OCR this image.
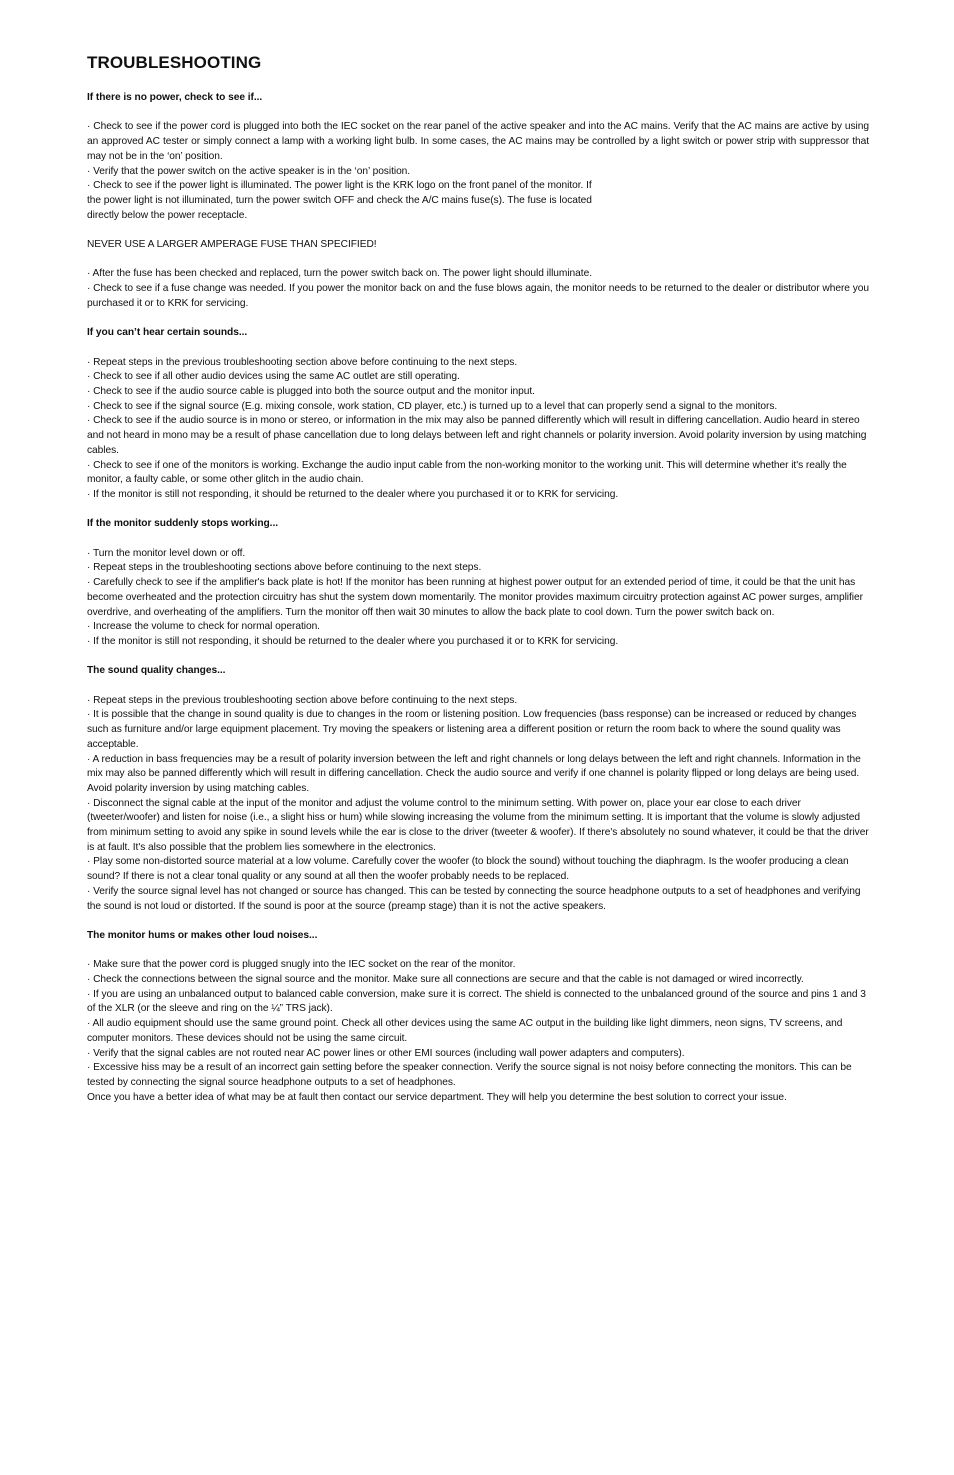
TROUBLESHOOTING
If there is no power, check to see if...

· Check to see if the power cord is plugged into both the IEC socket on the rear panel of the active speaker and into the AC mains. Verify that the AC mains are active by using an approved AC tester or simply connect a lamp with a working light bulb. In some cases, the AC mains may be controlled by a light switch or power strip with suppressor that may not be in the ‘on’ position.

· Verify that the power switch on the active speaker is in the ‘on’ position.

· Check to see if the power light is illuminated. The power light is the KRK logo on the front panel of the monitor. If

the power light is not illuminated, turn the power switch OFF and check the A/C mains fuse(s). The fuse is located

directly below the power receptacle.

NEVER USE A LARGER AMPERAGE FUSE THAN SPECIFIED!

· After the fuse has been checked and replaced, turn the power switch back on. The power light should illuminate.

· Check to see if a fuse change was needed. If you power the monitor back on and the fuse blows again, the monitor needs to be returned to the dealer or distributor where you purchased it or to KRK for servicing.

If you can’t hear certain sounds...

· Repeat steps in the previous troubleshooting section above before continuing to the next steps.

· Check to see if all other audio devices using the same AC outlet are still operating.

· Check to see if the audio source cable is plugged into both the source output and the monitor input.

· Check to see if the signal source (E.g. mixing console, work station, CD player, etc.) is turned up to a level that can properly send a signal to the monitors.

· Check to see if the audio source is in mono or stereo, or information in the mix may also be panned differently which will result in differing cancellation. Audio heard in stereo and not heard in mono may be a result of phase cancellation due to long delays between left and right channels or polarity inversion. Avoid polarity inversion by using matching cables.

· Check to see if one of the monitors is working. Exchange the audio input cable from the non-working monitor to the working unit. This will determine whether it's really the monitor, a faulty cable, or some other glitch in the audio chain.

· If the monitor is still not responding, it should be returned to the dealer where you purchased it or to KRK for servicing.

If the monitor suddenly stops working...

· Turn the monitor level down or off.

· Repeat steps in the troubleshooting sections above before continuing to the next steps.

· Carefully check to see if the amplifier's back plate is hot! If the monitor has been running at highest power output for an extended period of time, it could be that the unit has become overheated and the protection circuitry has shut the system down momentarily. The monitor provides maximum circuitry protection against AC power surges, amplifier overdrive, and overheating of the amplifiers. Turn the monitor off then wait 30 minutes to allow the back plate to cool down. Turn the power switch back on.

· Increase the volume to check for normal operation.

· If the monitor is still not responding, it should be returned to the dealer where you purchased it or to KRK for servicing.

The sound quality changes...

· Repeat steps in the previous troubleshooting section above before continuing to the next steps.

· It is possible that the change in sound quality is due to changes in the room or listening position. Low frequencies (bass response) can be increased or reduced by changes such as furniture and/or large equipment placement. Try moving the speakers or listening area a different position or return the room back to where the sound quality was acceptable.

· A reduction in bass frequencies may be a result of polarity inversion between the left and right channels or long delays between the left and right channels. Information in the mix may also be panned differently which will result in differing cancellation. Check the audio source and verify if one channel is polarity flipped or long delays are being used. Avoid polarity inversion by using matching cables.

· Disconnect the signal cable at the input of the monitor and adjust the volume control to the minimum setting. With power on, place your ear close to each driver (tweeter/woofer) and listen for noise (i.e., a slight hiss or hum) while slowing increasing the volume from the minimum setting. It is important that the volume is slowly adjusted from minimum setting to avoid any spike in sound levels while the ear is close to the driver (tweeter & woofer). If there's absolutely no sound whatever, it could be that the driver is at fault. It's also possible that the problem lies somewhere in the electronics.

· Play some non-distorted source material at a low volume. Carefully cover the woofer (to block the sound) without touching the diaphragm. Is the woofer producing a clean sound? If there is not a clear tonal quality or any sound at all then the woofer probably needs to be replaced.

· Verify the source signal level has not changed or source has changed. This can be tested by connecting the source headphone outputs to a set of headphones and verifying the sound is not loud or distorted. If the sound is poor at the source (preamp stage) than it is not the active speakers.

The monitor hums or makes other loud noises...

· Make sure that the power cord is plugged snugly into the IEC socket on the rear of the monitor.

· Check the connections between the signal source and the monitor. Make sure all connections are secure and that the cable is not damaged or wired incorrectly.

· If you are using an unbalanced output to balanced cable conversion, make sure it is correct. The shield is connected to the unbalanced ground of the source and pins 1 and 3 of the XLR (or the sleeve and ring on the ¼” TRS jack).

· All audio equipment should use the same ground point. Check all other devices using the same AC output in the building like light dimmers, neon signs, TV screens, and computer monitors. These devices should not be using the same circuit.

· Verify that the signal cables are not routed near AC power lines or other EMI sources (including wall power adapters and computers).

· Excessive hiss may be a result of an incorrect gain setting before the speaker connection. Verify the source signal is not noisy before connecting the monitors. This can be tested by connecting the signal source headphone outputs to a set of headphones.

Once you have a better idea of what may be at fault then contact our service department. They will help you determine the best solution to correct your issue.
